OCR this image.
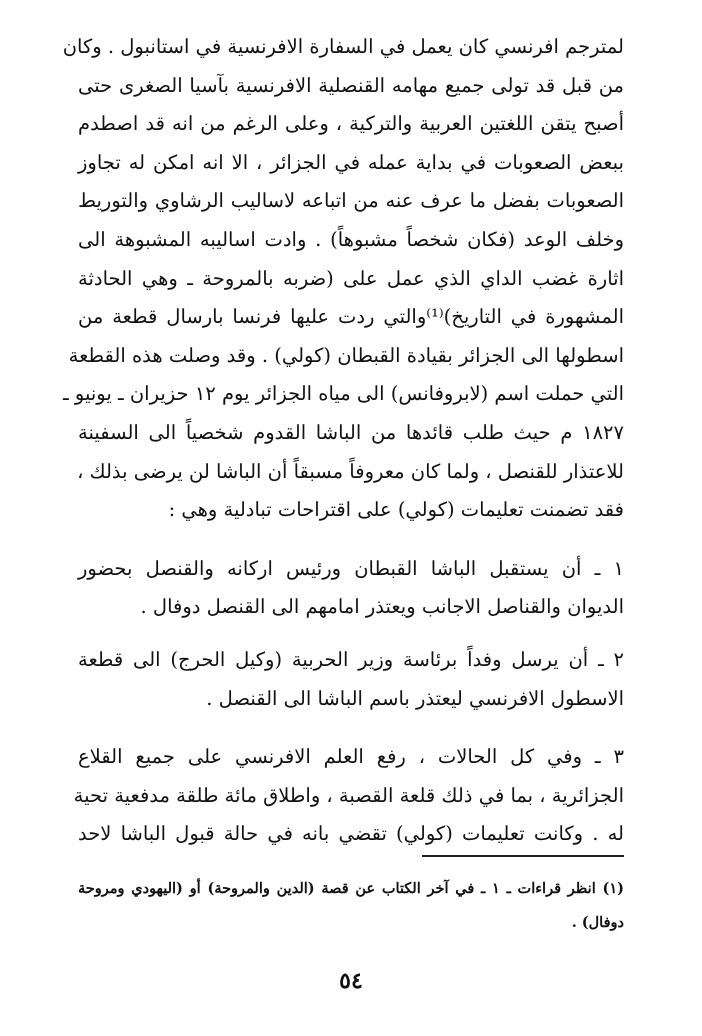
لمترجم افرنسي كان يعمل في السفارة الافرنسية في استانبول . وكان
من قبل قد تولى جميع مهامه القنصلية الافرنسية بآسيا الصغرى حتى
أصبح يتقن اللغتين العربية والتركية ، وعلى الرغم من انه قد اصطدم
ببعض الصعوبات في بداية عمله في الجزائر ، الا انه امكن له تجاوز
الصعوبات بفضل ما عرف عنه من اتباعه لاساليب الرشاوي والتوريط
وخلف الوعد (فكان شخصاً مشبوهاً) . وادت اساليبه المشبوهة الى
اثارة غضب الداي الذي عمل على (ضربه بالمروحة ـ وهي الحادثة
المشهورة في التاريخ)⁽¹⁾والتي ردت عليها فرنسا بارسال قطعة من
اسطولها الى الجزائر بقيادة القبطان (كولي) . وقد وصلت هذه القطعة
التي حملت اسم (لابروفانس) الى مياه الجزائر يوم ١٢ حزيران ـ يونيو ـ
١٨٢٧ م حيث طلب قائدها من الباشا القدوم شخصياً الى السفينة
للاعتذار للقنصل ، ولما كان معروفاً مسبقاً أن الباشا لن يرضى بذلك ،
فقد تضمنت تعليمات (كولي) على اقتراحات تبادلية وهي :
١ ـ أن يستقبل الباشا القبطان ورئيس اركانه والقنصل بحضور
الديوان والقناصل الاجانب ويعتذر امامهم الى القنصل دوفال .
٢ ـ أن يرسل وفداً برئاسة وزير الحربية (وكيل الحرج) الى قطعة
الاسطول الافرنسي ليعتذر باسم الباشا الى القنصل .
٣ ـ وفي كل الحالات ، رفع العلم الافرنسي على جميع القلاع
الجزائرية ، بما في ذلك قلعة القصبة ، واطلاق مائة طلقة مدفعية تحية
له . وكانت تعليمات (كولي) تقضي بانه في حالة قبول الباشا لاحد
(١) انظر قراءات ـ ١ ـ في آخر الكتاب عن قصة (الدين والمروحة) أو (اليهودي ومروحة
دوفال) .
٥٤
